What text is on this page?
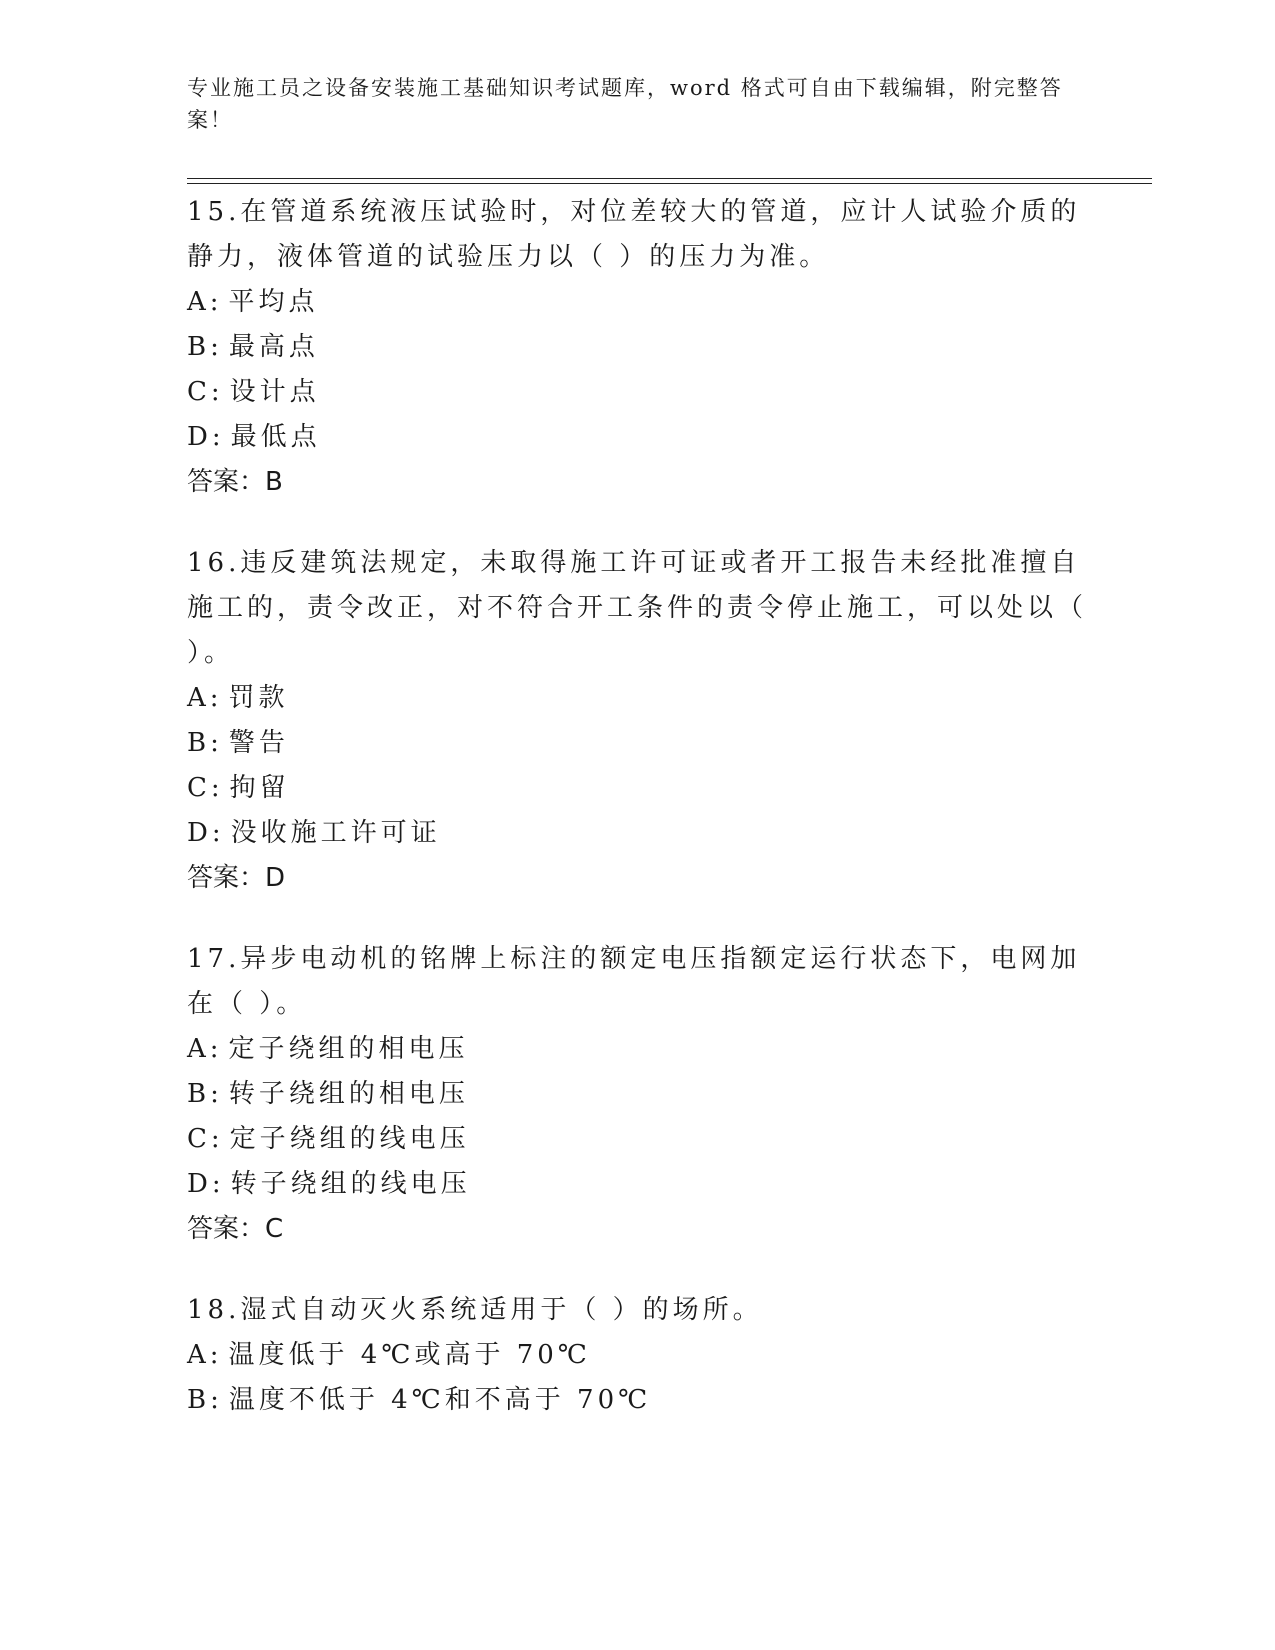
专业施工员之设备安装施工基础知识考试题库，word 格式可自由下载编辑，附完整答案！

15.在管道系统液压试验时，对位差较大的管道，应计人试验介质的静力，液体管道的试验压力以（ ）的压力为准。

A: 平均点

B: 最高点

C: 设计点

D: 最低点

答案：B

16.违反建筑法规定，未取得施工许可证或者开工报告未经批准擅自施工的，责令改正，对不符合开工条件的责令停止施工，可以处以（ ）。

A: 罚款

B: 警告

C: 拘留

D: 没收施工许可证

答案：D

17.异步电动机的铭牌上标注的额定电压指额定运行状态下，电网加在（ ）。

A: 定子绕组的相电压

B: 转子绕组的相电压

C: 定子绕组的线电压

D: 转子绕组的线电压

答案：C

18.湿式自动灭火系统适用于（ ）的场所。

A: 温度低于 4℃或高于 70℃

B: 温度不低于 4℃和不高于 70℃
